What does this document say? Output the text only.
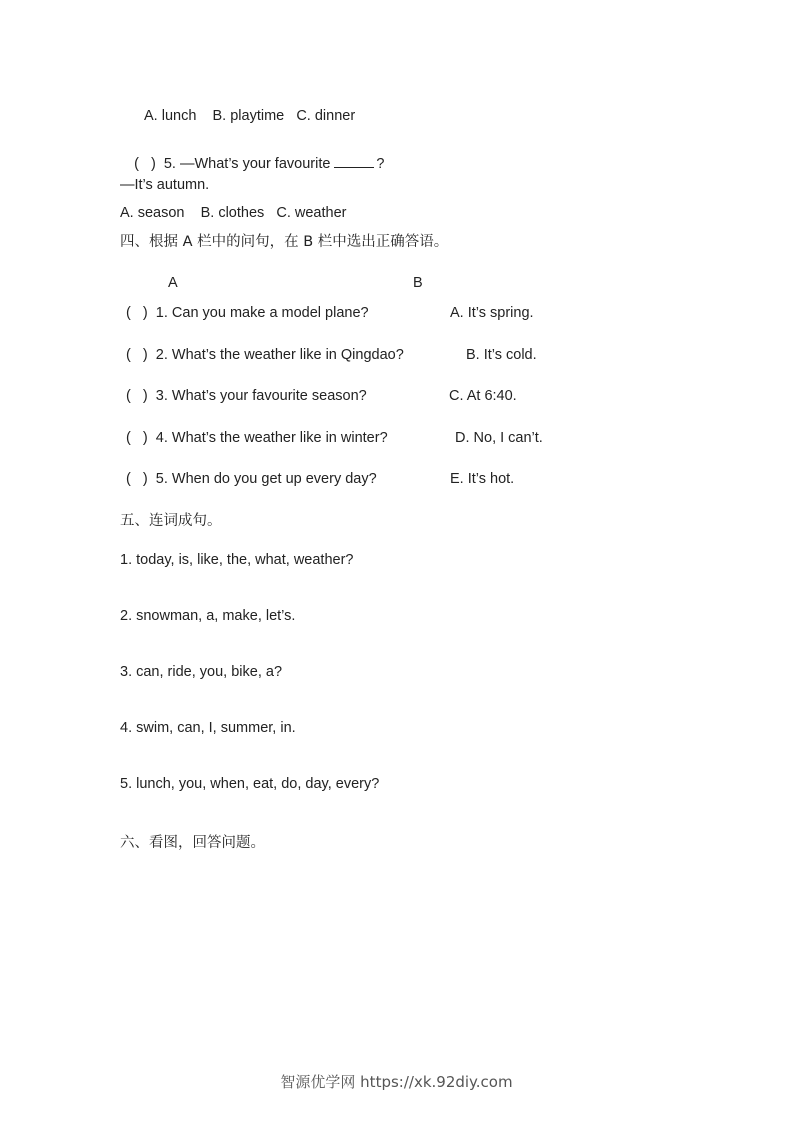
A. lunch    B. playtime   C. dinner

(   )  5. —What’s your favourite	?

—It’s autumn.
A. season    B. clothes   C. weather
四、根据 A 栏中的问句，在 B 栏中选出正确答语。
A	B
(   )  1. Can you make a model plane?	A. It’s spring.
(   )  2. What’s the weather like in Qingdao?	B. It’s cold.
(   )  3. What’s your favourite season?	C. At 6:40.
(   )  4. What’s the weather like in winter?	D. No, I can’t.
(   )  5. When do you get up every day?	E. It’s hot.
五、连词成句。
1. today, is, like, the, what, weather?
2. snowman, a, make, let’s.
3. can, ride, you, bike, a?
4. swim, can, I, summer, in.
5. lunch, you, when, eat, do, day, every?
六、看图，回答问题。
智源优学网 https://xk.92diy.com
